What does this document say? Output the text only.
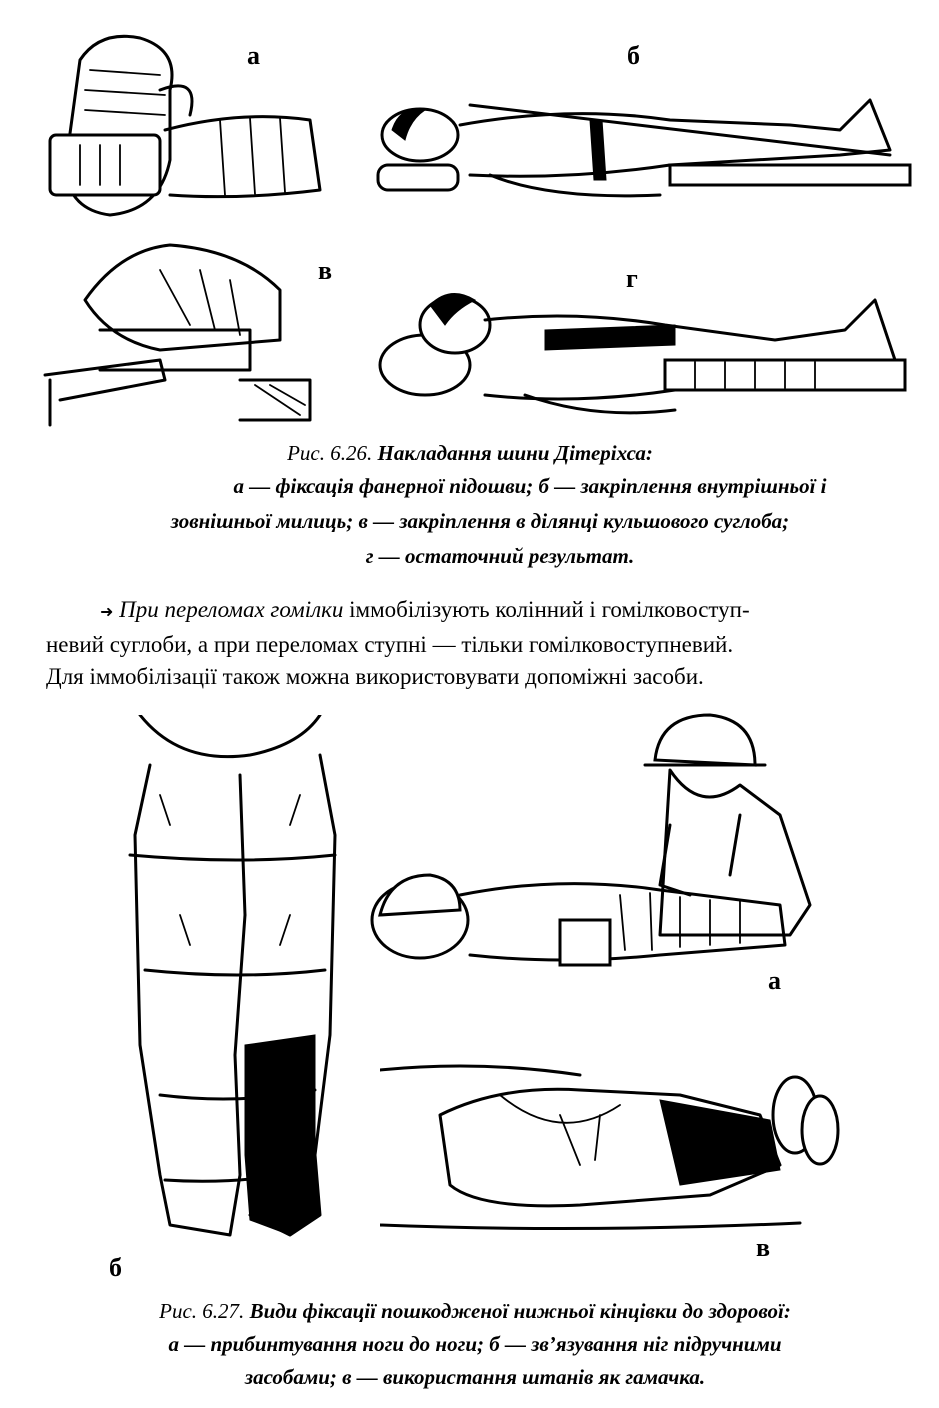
а	б
в	г
Рис. 6.26. Накладання шини Дітеріхса:
а — фіксація фанерної підошви; б — закріплення внутрішньої і
зовнішньої милиць; в — закріплення в ділянці кульшового суглоба;
г — остаточний результат.
➜ При переломах гомілки іммобілізують колінний і гомілковоступ-
невий суглоби, а при переломах ступні — тільки гомілковоступневий.
Для іммобілізації також можна використовувати допоміжні засоби.
б
а
в
Рис. 6.27. Види фіксації пошкодженої нижньої кінцівки до здорової:
а — прибинтування ноги до ноги; б — зв’язування ніг підручними
засобами; в — використання штанів як гамачка.
